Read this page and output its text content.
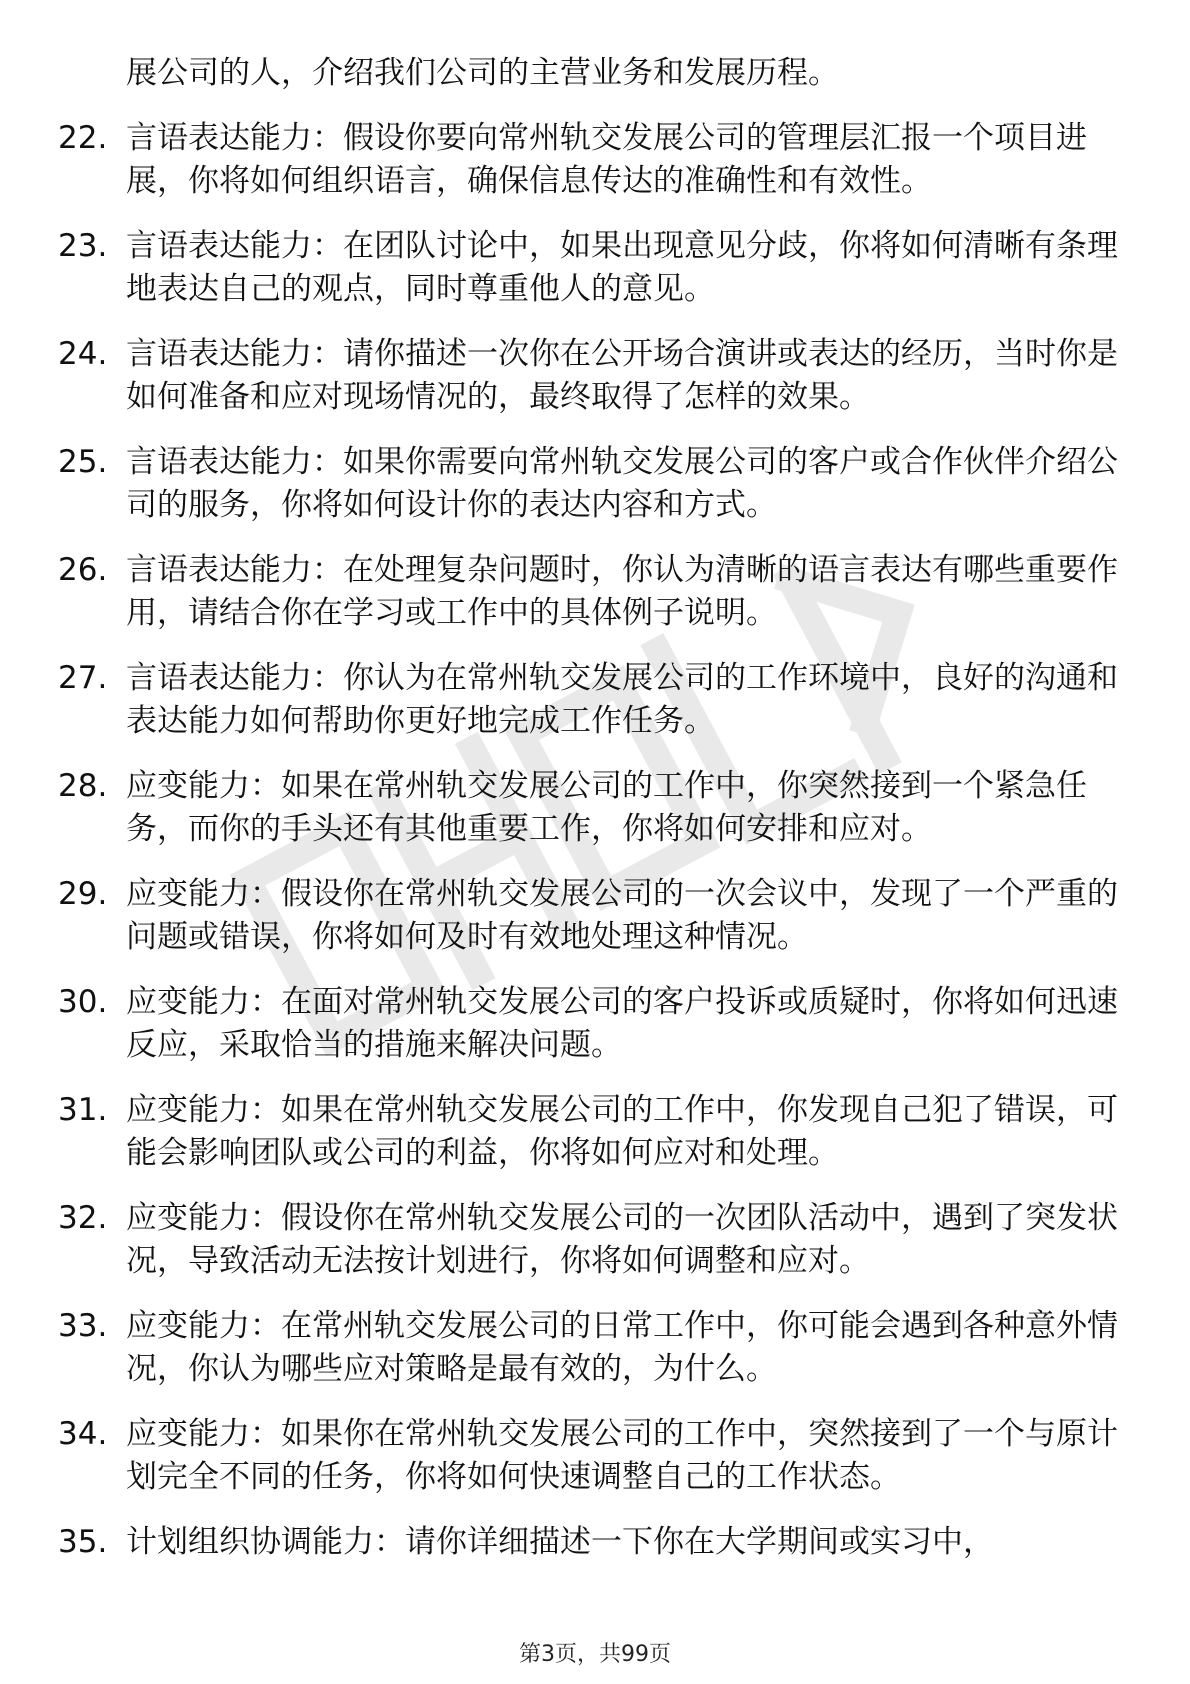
展公司的人，介绍我们公司的主营业务和发展历程。

22. 言语表达能力：假设你要向常州轨交发展公司的管理层汇报一个项目进展，你将如何组织语言，确保信息传达的准确性和有效性。

23. 言语表达能力：在团队讨论中，如果出现意见分歧，你将如何清晰有条理地表达自己的观点，同时尊重他人的意见。

24. 言语表达能力：请你描述一次你在公开场合演讲或表达的经历，当时你是如何准备和应对现场情况的，最终取得了怎样的效果。

25. 言语表达能力：如果你需要向常州轨交发展公司的客户或合作伙伴介绍公司的服务，你将如何设计你的表达内容和方式。

26. 言语表达能力：在处理复杂问题时，你认为清晰的语言表达有哪些重要作用，请结合你在学习或工作中的具体例子说明。

27. 言语表达能力：你认为在常州轨交发展公司的工作环境中，良好的沟通和表达能力如何帮助你更好地完成工作任务。

28. 应变能力：如果在常州轨交发展公司的工作中，你突然接到一个紧急任务，而你的手头还有其他重要工作，你将如何安排和应对。

29. 应变能力：假设你在常州轨交发展公司的一次会议中，发现了一个严重的问题或错误，你将如何及时有效地处理这种情况。

30. 应变能力：在面对常州轨交发展公司的客户投诉或质疑时，你将如何迅速反应，采取恰当的措施来解决问题。

31. 应变能力：如果在常州轨交发展公司的工作中，你发现自己犯了错误，可能会影响团队或公司的利益，你将如何应对和处理。

32. 应变能力：假设你在常州轨交发展公司的一次团队活动中，遇到了突发状况，导致活动无法按计划进行，你将如何调整和应对。

33. 应变能力：在常州轨交发展公司的日常工作中，你可能会遇到各种意外情况，你认为哪些应对策略是最有效的，为什么。

34. 应变能力：如果你在常州轨交发展公司的工作中，突然接到了一个与原计划完全不同的任务，你将如何快速调整自己的工作状态。

35. 计划组织协调能力：请你详细描述一下你在大学期间或实习中，

第3页，共99页
